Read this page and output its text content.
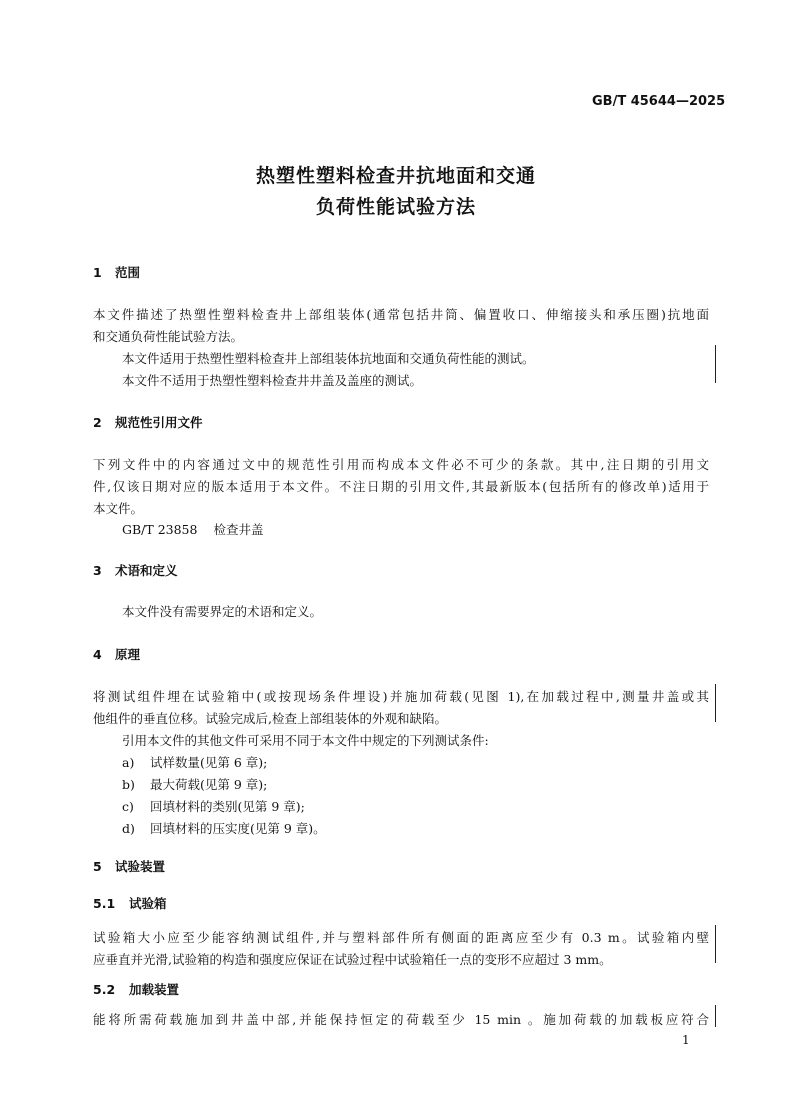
GB/T 45644—2025
热塑性塑料检查井抗地面和交通
负荷性能试验方法
1 范围
本文件描述了热塑性塑料检查井上部组装体(通常包括井筒、偏置收口、伸缩接头和承压圈)抗地面
和交通负荷性能试验方法。
本文件适用于热塑性塑料检查井上部组装体抗地面和交通负荷性能的测试。
本文件不适用于热塑性塑料检查井井盖及盖座的测试。
2 规范性引用文件
下列文件中的内容通过文中的规范性引用而构成本文件必不可少的条款。其中,注日期的引用文
件,仅该日期对应的版本适用于本文件。不注日期的引用文件,其最新版本(包括所有的修改单)适用于
本文件。
GB/T 23858 检查井盖
3 术语和定义
本文件没有需要界定的术语和定义。
4 原理
将测试组件埋在试验箱中(或按现场条件埋设)并施加荷载(见图 1),在加载过程中,测量井盖或其
他组件的垂直位移。试验完成后,检查上部组装体的外观和缺陷。
引用本文件的其他文件可采用不同于本文件中规定的下列测试条件:
a) 试样数量(见第 6 章);
b) 最大荷载(见第 9 章);
c) 回填材料的类别(见第 9 章);
d) 回填材料的压实度(见第 9 章)。
5 试验装置
5.1 试验箱
试验箱大小应至少能容纳测试组件,并与塑料部件所有侧面的距离应至少有 0.3 m。试验箱内壁
应垂直并光滑,试验箱的构造和强度应保证在试验过程中试验箱任一点的变形不应超过 3 mm。
5.2 加载装置
能将所需荷载施加到井盖中部,并能保持恒定的荷载至少 15 min 。施加荷载的加载板应符合
1
